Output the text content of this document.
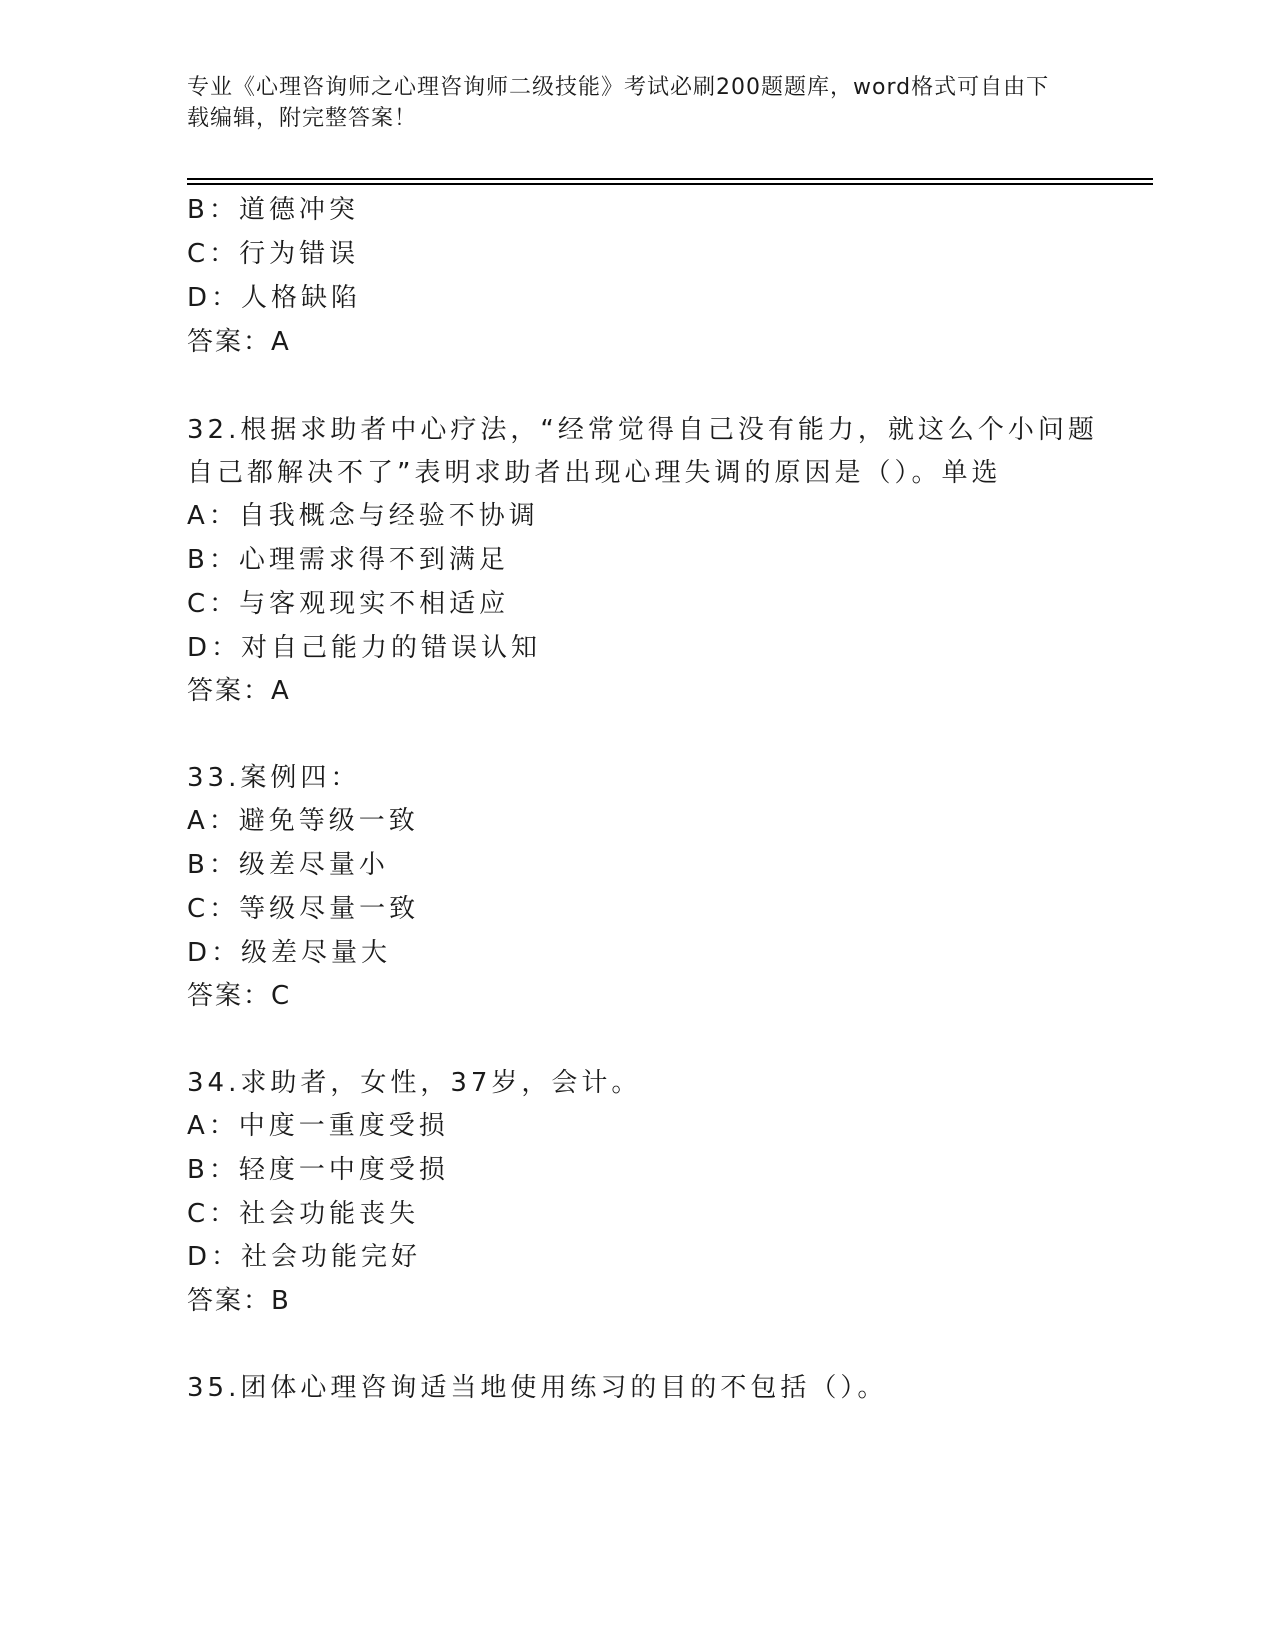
专业《心理咨询师之心理咨询师二级技能》考试必刷200题题库，word格式可自由下载编辑，附完整答案！
B：道德冲突
C：行为错误
D：人格缺陷
答案：A
32.根据求助者中心疗法，“经常觉得自己没有能力，就这么个小问题
自己都解决不了”表明求助者出现心理失调的原因是（）。单选
A：自我概念与经验不协调
B：心理需求得不到满足
C：与客观现实不相适应
D：对自己能力的错误认知
答案：A
33.案例四：
A：避免等级一致
B：级差尽量小
C：等级尽量一致
D：级差尽量大
答案：C
34.求助者，女性，37岁，会计。
A：中度一重度受损
B：轻度一中度受损
C：社会功能丧失
D：社会功能完好
答案：B
35.团体心理咨询适当地使用练习的目的不包括（）。
